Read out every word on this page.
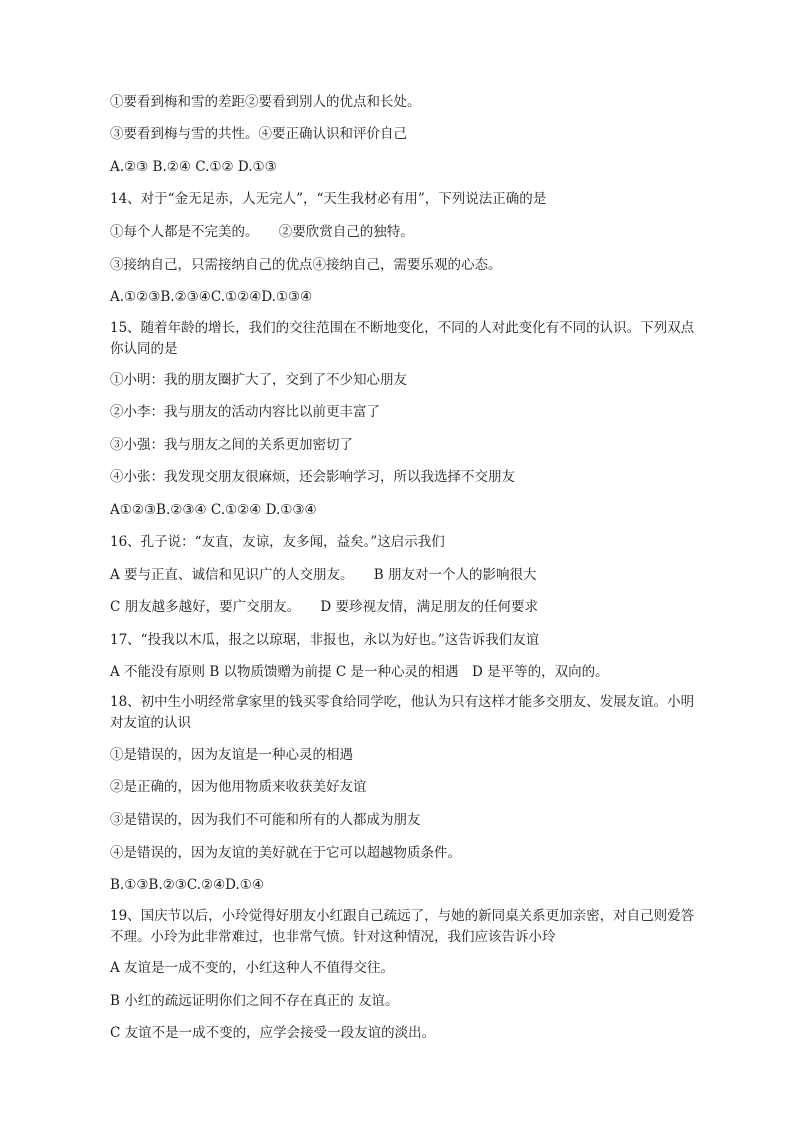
①要看到梅和雪的差距②要看到别人的优点和长处。
③要看到梅与雪的共性。④要正确认识和评价自己
A.②③ B.②④ C.①② D.①③
14、对于“金无足赤，人无完人”，“天生我材必有用”，下列说法正确的是
①每个人都是不完美的。　　②要欣赏自己的独特。
③接纳自己，只需接纳自己的优点④接纳自己，需要乐观的心态。
A.①②③B.②③④C.①②④D.①③④
15、随着年龄的增长，我们的交往范围在不断地变化，不同的人对此变化有不同的认识。下列双点你认同的是
①小明：我的朋友圈扩大了，交到了不少知心朋友
②小李：我与朋友的活动内容比以前更丰富了
③小强：我与朋友之间的关系更加密切了
④小张：我发现交朋友很麻烦，还会影响学习，所以我选择不交朋友
A①②③B.②③④ C.①②④ D.①③④
16、孔子说：“友直，友谅，友多闻，益矣。”这启示我们
A 要与正直、诚信和见识广的人交朋友。　　B 朋友对一个人的影响很大
C 朋友越多越好，要广交朋友。　　D 要珍视友情，满足朋友的任何要求
17、“投我以木瓜，报之以琼琚，非报也，永以为好也。”这告诉我们友谊
A 不能没有原则 B 以物质馈赠为前提 C 是一种心灵的相遇　D 是平等的，双向的。
18、初中生小明经常拿家里的钱买零食给同学吃，他认为只有这样才能多交朋友、发展友谊。小明对友谊的认识
①是错误的，因为友谊是一种心灵的相遇
②是正确的，因为他用物质来收获美好友谊
③是错误的，因为我们不可能和所有的人都成为朋友
④是错误的，因为友谊的美好就在于它可以超越物质条件。
B.①③B.②③C.②④D.①④
19、国庆节以后，小玲觉得好朋友小红跟自己疏远了，与她的新同桌关系更加亲密，对自己则爱答不理。小玲为此非常难过，也非常气愤。针对这种情况，我们应该告诉小玲
A 友谊是一成不变的，小红这种人不值得交往。
B 小红的疏远证明你们之间不存在真正的 友谊。
C 友谊不是一成不变的，应学会接受一段友谊的淡出。
